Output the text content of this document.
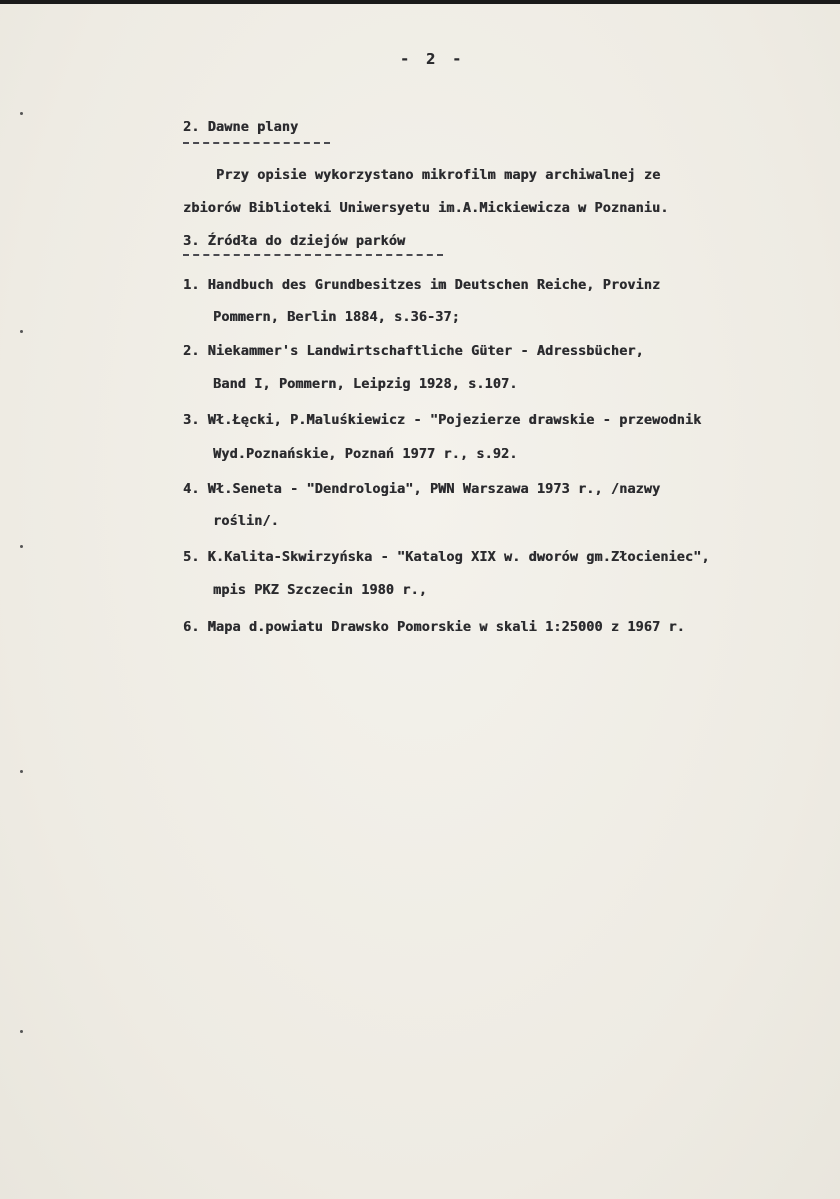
- 2 -
2. Dawne plany
Przy opisie wykorzystano mikrofilm mapy archiwalnej ze
zbiorów Biblioteki Uniwersyetu im.A.Mickiewicza w Poznaniu.
3. Źródła do dziejów parków
1. Handbuch des Grundbesitzes im Deutschen Reiche, Provinz
Pommern, Berlin 1884, s.36-37;
2. Niekammer's Landwirtschaftliche Güter - Adressbücher,
Band I, Pommern, Leipzig 1928, s.107.
3. Wł.Łęcki, P.Maluśkiewicz - "Pojezierze drawskie - przewodnik
Wyd.Poznańskie, Poznań 1977 r., s.92.
4. Wł.Seneta - "Dendrologia", PWN Warszawa 1973 r., /nazwy
roślin/.
5. K.Kalita-Skwirzyńska - "Katalog XIX w. dworów gm.Złocieniec",
mpis PKZ Szczecin 1980 r.,
6. Mapa d.powiatu Drawsko Pomorskie w skali 1:25000 z 1967 r.
